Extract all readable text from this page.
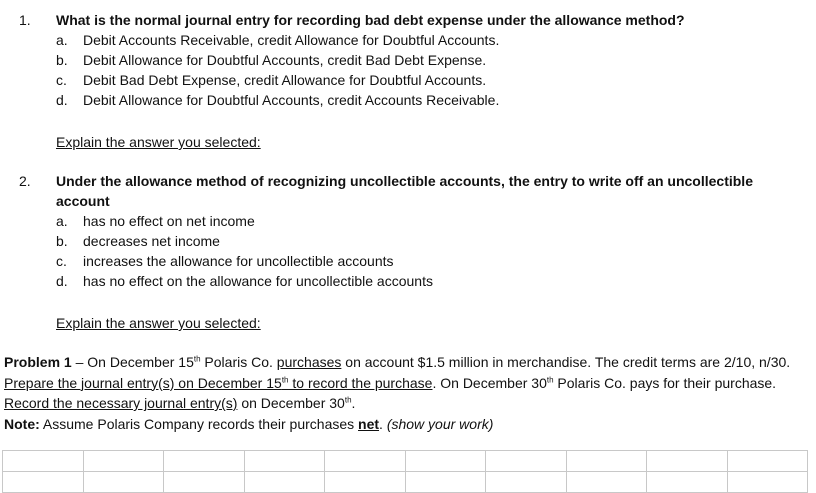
1. What is the normal journal entry for recording bad debt expense under the allowance method?
a. Debit Accounts Receivable, credit Allowance for Doubtful Accounts.
b. Debit Allowance for Doubtful Accounts, credit Bad Debt Expense.
c. Debit Bad Debt Expense, credit Allowance for Doubtful Accounts.
d. Debit Allowance for Doubtful Accounts, credit Accounts Receivable.
Explain the answer you selected:
2. Under the allowance method of recognizing uncollectible accounts, the entry to write off an uncollectible account
a. has no effect on net income
b. decreases net income
c. increases the allowance for uncollectible accounts
d. has no effect on the allowance for uncollectible accounts
Explain the answer you selected:
Problem 1 – On December 15th Polaris Co. purchases on account $1.5 million in merchandise. The credit terms are 2/10, n/30. Prepare the journal entry(s) on December 15th to record the purchase. On December 30th Polaris Co. pays for their purchase. Record the necessary journal entry(s) on December 30th.
Note: Assume Polaris Company records their purchases net. (show your work)
